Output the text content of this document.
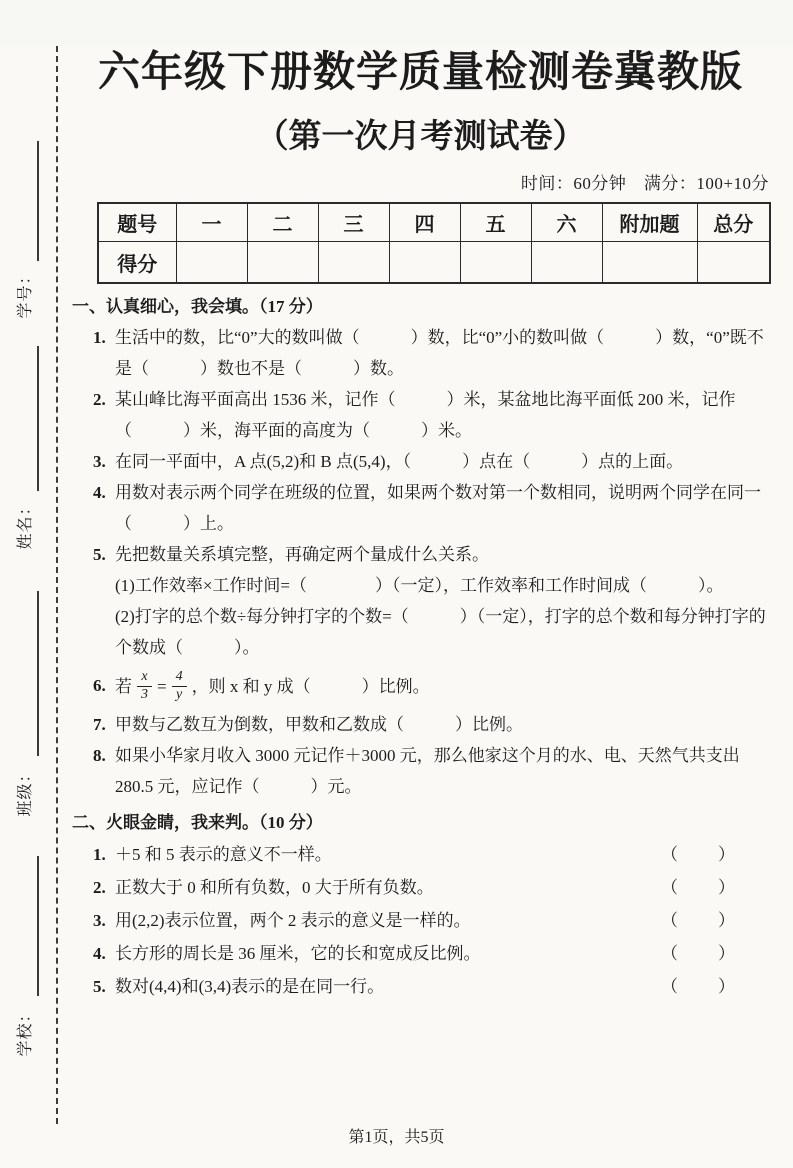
学号：
姓名：
班级：
学校：
六年级下册数学质量检测卷冀教版
（第一次月考测试卷）
时间：60分钟　满分：100+10分
题号	一	二	三	四	五	六	附加题	总分
得分								
一、认真细心，我会填。（17 分）
1. 生活中的数，比“0”大的数叫做（　　　）数，比“0”小的数叫做（　　　）数，“0”既不是（　　　）数也不是（　　　）数。
2. 某山峰比海平面高出 1536 米，记作（　　　）米，某盆地比海平面低 200 米，记作（　　　）米，海平面的高度为（　　　）米。
3. 在同一平面中，A 点(5,2)和 B 点(5,4)，（　　　）点在（　　　）点的上面。
4. 用数对表示两个同学在班级的位置，如果两个数对第一个数相同，说明两个同学在同一（　　　）上。
5. 先把数量关系填完整，再确定两个量成什么关系。
(1)工作效率×工作时间=（　　　　）（一定），工作效率和工作时间成（　　　）。
(2)打字的总个数÷每分钟打字的个数=（　　　）（一定），打字的总个数和每分钟打字的个数成（　　　）。
6. 若 $\frac{x}{3} = \frac{4}{y}$ ，则 x 和 y 成（　　　）比例。
7. 甲数与乙数互为倒数，甲数和乙数成（　　　）比例。
8. 如果小华家月收入 3000 元记作＋3000 元，那么他家这个月的水、电、天然气共支出 280.5 元，应记作（　　　）元。
二、火眼金睛，我来判。（10 分）
1. ＋5 和 5 表示的意义不一样。	（　　）
2. 正数大于 0 和所有负数，0 大于所有负数。	（　　）
3. 用(2,2)表示位置，两个 2 表示的意义是一样的。	（　　）
4. 长方形的周长是 36 厘米，它的长和宽成反比例。	（　　）
5. 数对(4,4)和(3,4)表示的是在同一行。	（　　）
第1页，共5页
